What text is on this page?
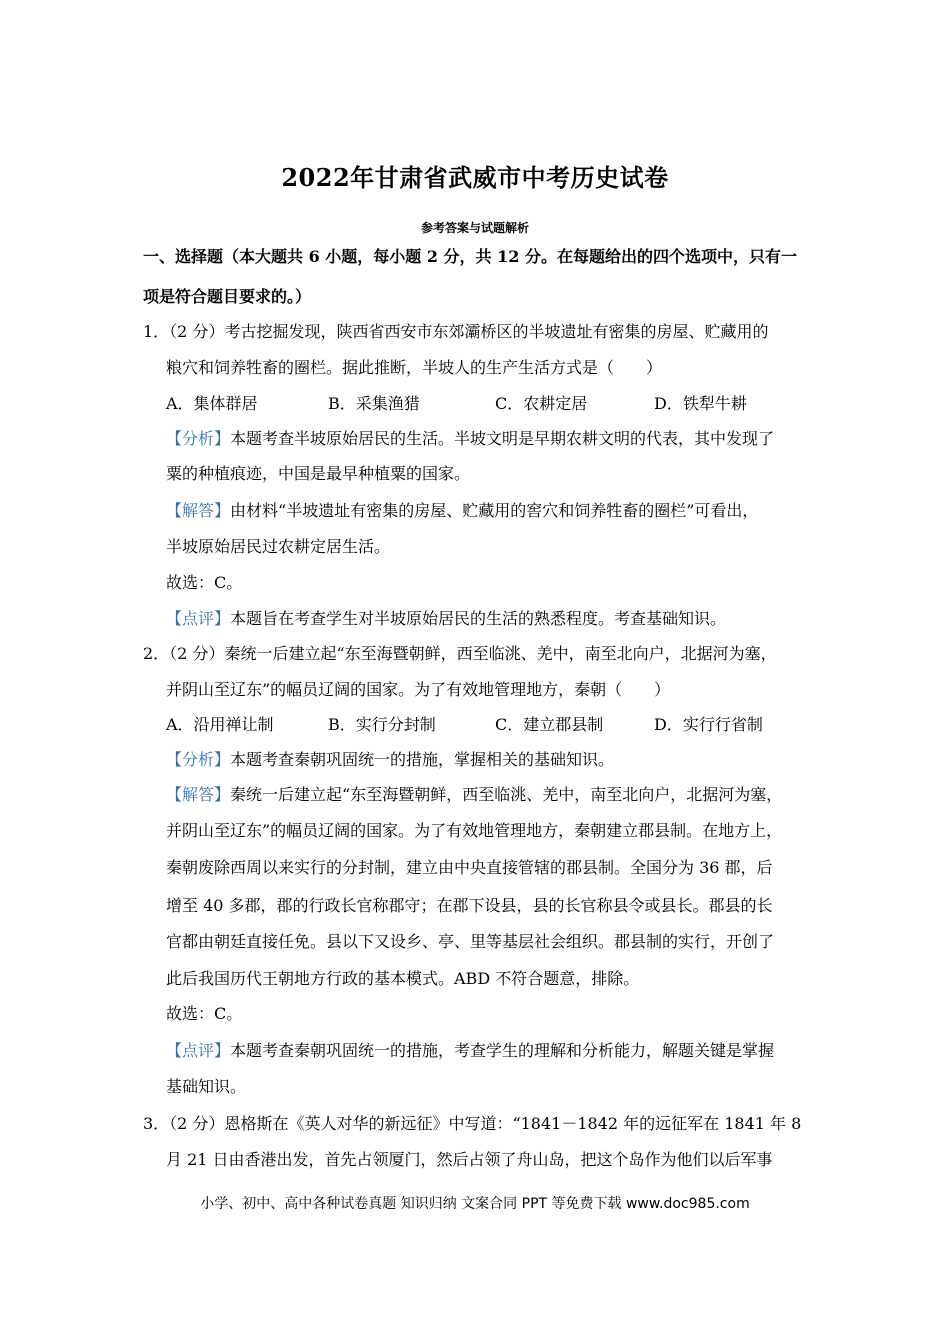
2022年甘肃省武威市中考历史试卷
参考答案与试题解析
一、选择题（本大题共 6 小题，每小题 2 分，共 12 分。在每题给出的四个选项中，只有一
项是符合题目要求的。）
1．（2 分）考古挖掘发现，陕西省西安市东郊灞桥区的半坡遗址有密集的房屋、贮藏用的
粮穴和饲养牲畜的圈栏。据此推断，半坡人的生产生活方式是（　　）
A．集体群居	B．采集渔猎	C．农耕定居	D．铁犁牛耕
【分析】本题考查半坡原始居民的生活。半坡文明是早期农耕文明的代表，其中发现了
粟的种植痕迹，中国是最早种植粟的国家。
【解答】由材料“半坡遗址有密集的房屋、贮藏用的窖穴和饲养牲畜的圈栏”可看出，
半坡原始居民过农耕定居生活。
故选：C。
【点评】本题旨在考查学生对半坡原始居民的生活的熟悉程度。考查基础知识。
2．（2 分）秦统一后建立起“东至海暨朝鲜，西至临洮、羌中，南至北向户，北据河为塞，
并阴山至辽东”的幅员辽阔的国家。为了有效地管理地方，秦朝（　　）
A．沿用禅让制	B．实行分封制	C．建立郡县制	D．实行行省制
【分析】本题考查秦朝巩固统一的措施，掌握相关的基础知识。
【解答】秦统一后建立起“东至海暨朝鲜，西至临洮、羌中，南至北向户，北据河为塞，
并阴山至辽东”的幅员辽阔的国家。为了有效地管理地方，秦朝建立郡县制。在地方上，
秦朝废除西周以来实行的分封制，建立由中央直接管辖的郡县制。全国分为 36 郡，后
增至 40 多郡，郡的行政长官称郡守；在郡下设县，县的长官称县令或县长。郡县的长
官都由朝廷直接任免。县以下又设乡、亭、里等基层社会组织。郡县制的实行，开创了
此后我国历代王朝地方行政的基本模式。ABD 不符合题意，排除。
故选：C。
【点评】本题考查秦朝巩固统一的措施，考查学生的理解和分析能力，解题关键是掌握
基础知识。
3．（2 分）恩格斯在《英人对华的新远征》中写道：“1841－1842 年的远征军在 1841 年 8
月 21 日由香港出发，首先占领厦门，然后占领了舟山岛，把这个岛作为他们以后军事
小学、初中、高中各种试卷真题 知识归纳 文案合同 PPT 等免费下载 www.doc985.com
